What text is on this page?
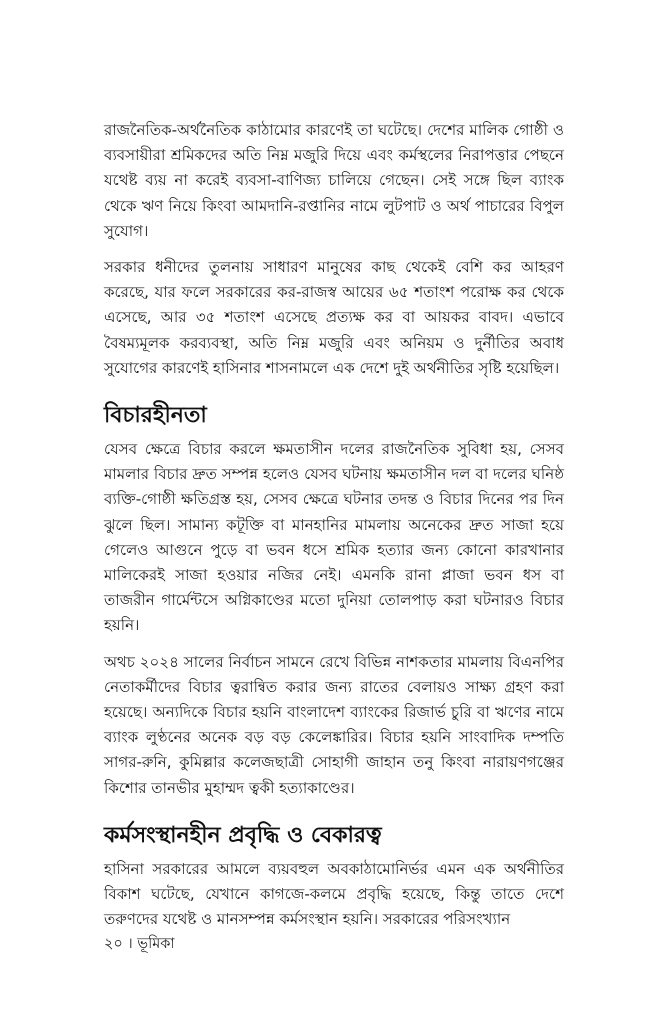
রাজনৈতিক-অর্থনৈতিক কাঠামোর কারণেই তা ঘটেছে। দেশের মালিক গোষ্ঠী ও ব্যবসায়ীরা শ্রমিকদের অতি নিম্ন মজুরি দিয়ে এবং কর্মস্থলের নিরাপত্তার পেছনে যথেষ্ট ব্যয় না করেই ব্যবসা-বাণিজ্য চালিয়ে গেছেন। সেই সঙ্গে ছিল ব্যাংক থেকে ঋণ নিয়ে কিংবা আমদানি-রপ্তানির নামে লুটপাট ও অর্থ পাচারের বিপুল সুযোগ।

সরকার ধনীদের তুলনায় সাধারণ মানুষের কাছ থেকেই বেশি কর আহরণ করেছে, যার ফলে সরকারের কর-রাজস্ব আয়ের ৬৫ শতাংশ পরোক্ষ কর থেকে এসেছে, আর ৩৫ শতাংশ এসেছে প্রত্যক্ষ কর বা আয়কর বাবদ। এভাবে বৈষম্যমূলক করব্যবস্থা, অতি নিম্ন মজুরি এবং অনিয়ম ও দুর্নীতির অবাধ সুযোগের কারণেই হাসিনার শাসনামলে এক দেশে দুই অর্থনীতির সৃষ্টি হয়েছিল।

বিচারহীনতা

যেসব ক্ষেত্রে বিচার করলে ক্ষমতাসীন দলের রাজনৈতিক সুবিধা হয়, সেসব মামলার বিচার দ্রুত সম্পন্ন হলেও যেসব ঘটনায় ক্ষমতাসীন দল বা দলের ঘনিষ্ঠ ব্যক্তি-গোষ্ঠী ক্ষতিগ্রস্ত হয়, সেসব ক্ষেত্রে ঘটনার তদন্ত ও বিচার দিনের পর দিন ঝুলে ছিল। সামান্য কটূক্তি বা মানহানির মামলায় অনেকের দ্রুত সাজা হয়ে গেলেও আগুনে পুড়ে বা ভবন ধসে শ্রমিক হত্যার জন্য কোনো কারখানার মালিকেরই সাজা হওয়ার নজির নেই। এমনকি রানা প্লাজা ভবন ধস বা তাজরীন গার্মেন্টসে অগ্নিকাণ্ডের মতো দুনিয়া তোলপাড় করা ঘটনারও বিচার হয়নি।

অথচ ২০২৪ সালের নির্বাচন সামনে রেখে বিভিন্ন নাশকতার মামলায় বিএনপির নেতাকর্মীদের বিচার ত্বরান্বিত করার জন্য রাতের বেলায়ও সাক্ষ্য গ্রহণ করা হয়েছে। অন্যদিকে বিচার হয়নি বাংলাদেশ ব্যাংকের রিজার্ভ চুরি বা ঋণের নামে ব্যাংক লুণ্ঠনের অনেক বড় বড় কেলেঙ্কারির। বিচার হয়নি সাংবাদিক দম্পতি সাগর-রুনি, কুমিল্লার কলেজছাত্রী সোহাগী জাহান তনু কিংবা নারায়ণগঞ্জের কিশোর তানভীর মুহাম্মদ ত্বকী হত্যাকাণ্ডের।

কর্মসংস্থানহীন প্রবৃদ্ধি ও বেকারত্ব

হাসিনা সরকারের আমলে ব্যয়বহুল অবকাঠামোনির্ভর এমন এক অর্থনীতির বিকাশ ঘটেছে, যেখানে কাগজে-কলমে প্রবৃদ্ধি হয়েছে, কিন্তু তাতে দেশে তরুণদের যথেষ্ট ও মানসম্পন্ন কর্মসংস্থান হয়নি। সরকারের পরিসংখ্যান

২০ । ভূমিকা
